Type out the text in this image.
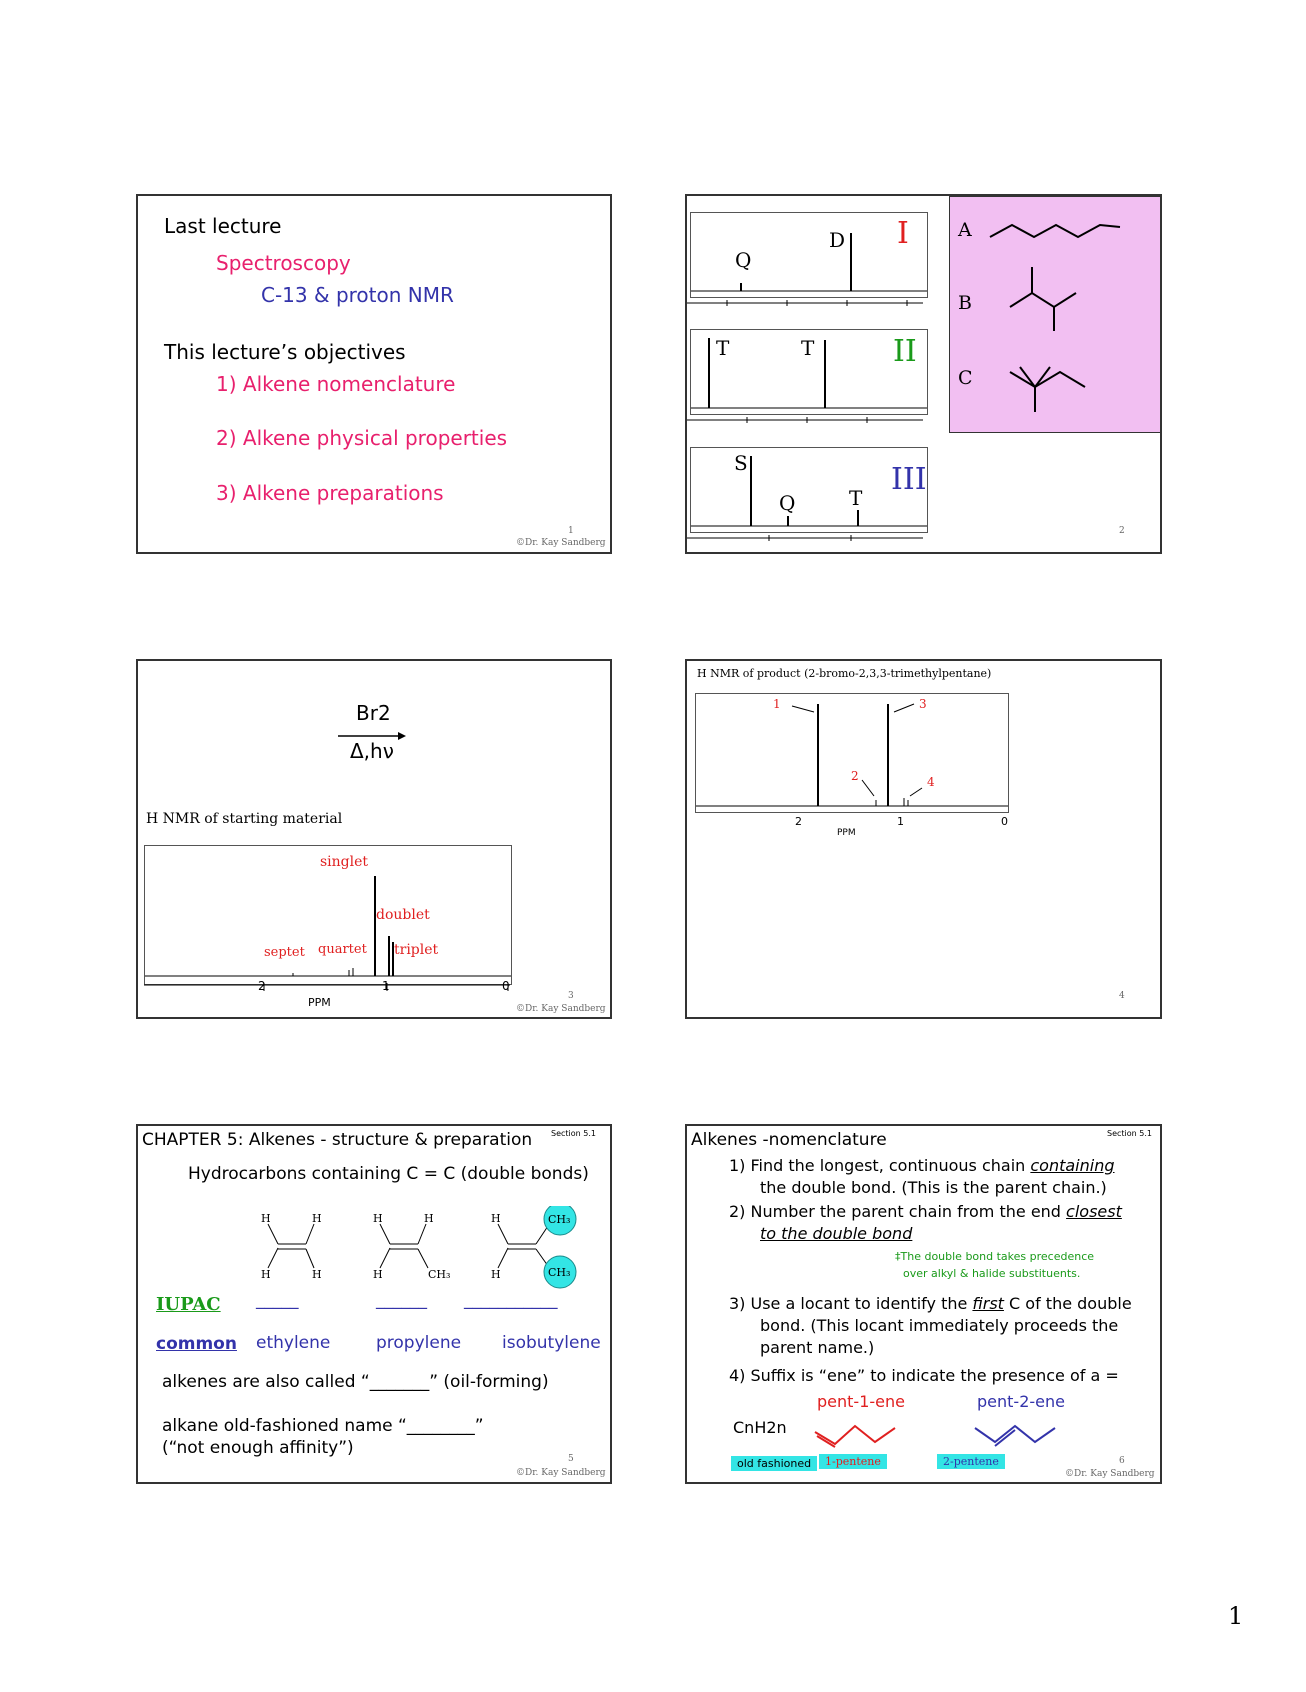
Last lecture
Spectroscopy
C-13 & proton NMR
This lecture’s objectives
1) Alkene nomenclature
2) Alkene physical properties
3) Alkene preparations
1
©Dr. Kay Sandberg
Q
D I
T	T	II
S
Q	T
III
A
B
C
2
Br2
Δ,hν
H NMR of starting material
singlet
doublet
septet quartet triplet
2	1	0
PPM	3
©Dr. Kay Sandberg
H NMR of product (2-bromo-2,3,3-trimethylpentane)
1
2
3
4
2	1	0
PPM
4
CHAPTER 5: Alkenes - structure & preparation Section 5.1
Hydrocarbons containing C = C (double bonds)
H
H
H
H
H
H
H
CH₃
H
H
CH₃
CH₃
IUPAC _____	______ ___________
common ethylene	propylene isobutylene
alkenes are also called “_______” (oil-forming)
alkane old-fashioned name “________”
(“not enough affinity”)
5
©Dr. Kay Sandberg
Alkenes -nomenclature	Section 5.1
1) Find the longest, continuous chain containing
the double bond. (This is the parent chain.)
2) Number the parent chain from the end closest
to the double bond
‡The double bond takes precedence
over alkyl & halide substituents.
3) Use a locant to identify the first C of the double
bond. (This locant immediately proceeds the
parent name.)
4) Suffix is “ene” to indicate the presence of a =
pent-1-ene	pent-2-ene
CnH2n
old fashioned	1-pentene	2-pentene	6
©Dr. Kay Sandberg
1
